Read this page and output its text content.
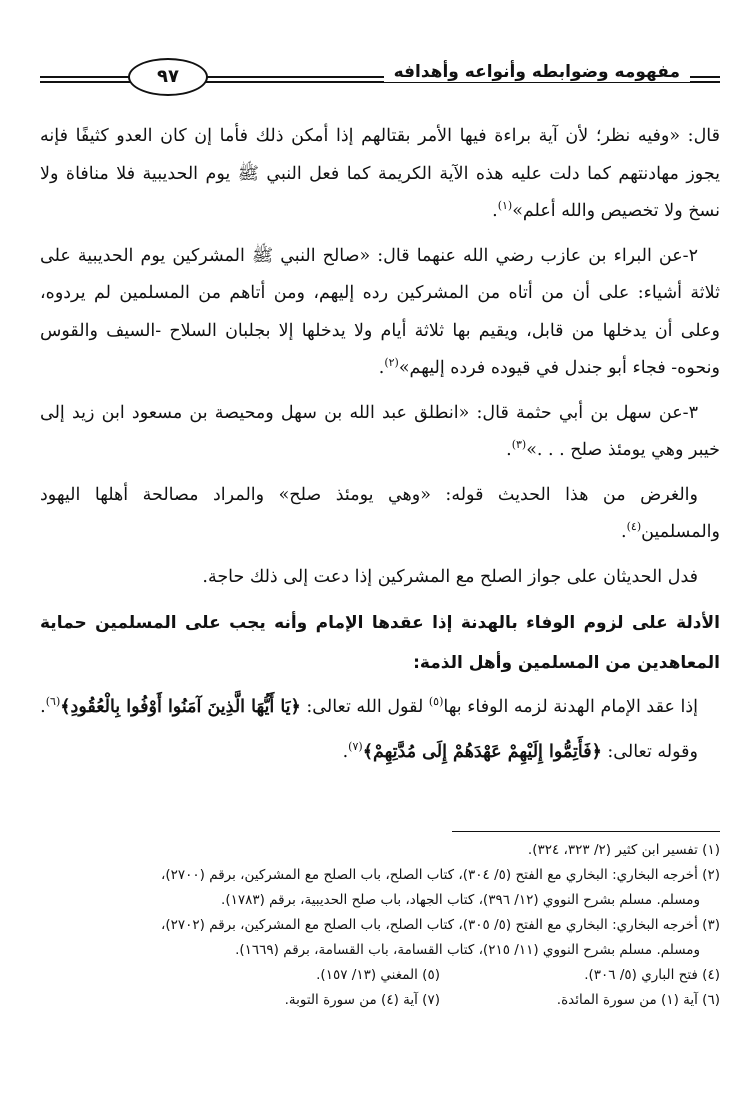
مفهومه وضوابطه وأنواعه وأهدافه
٩٧

قال: «وفيه نظر؛ لأن آية براءة فيها الأمر بقتالهم إذا أمكن ذلك فأما إن كان العدو كثيفًا فإنه يجوز مهادنتهم كما دلت عليه هذه الآية الكريمة كما فعل النبي ﷺ يوم الحديبية فلا منافاة ولا نسخ ولا تخصيص والله أعلم»$^{(١)}$.

٢-عن البراء بن عازب رضي الله عنهما قال: «صالح النبي ﷺ المشركين يوم الحديبية على ثلاثة أشياء: على أن من أتاه من المشركين رده إليهم، ومن أتاهم من المسلمين لم يردوه، وعلى أن يدخلها من قابل، ويقيم بها ثلاثة أيام ولا يدخلها إلا بجلبان السلاح -السيف والقوس ونحوه- فجاء أبو جندل في قيوده فرده إليهم»$^{(٢)}$.

٣-عن سهل بن أبي حثمة قال: «انطلق عبد الله بن سهل ومحيصة بن مسعود ابن زيد إلى خيبر وهي يومئذ صلح . . .»$^{(٣)}$.

والغرض من هذا الحديث قوله: «وهي يومئذ صلح» والمراد مصالحة أهلها اليهود والمسلمين$^{(٤)}$.

فدل الحديثان على جواز الصلح مع المشركين إذا دعت إلى ذلك حاجة.

الأدلة على لزوم الوفاء بالهدنة إذا عقدها الإمام وأنه يجب على المسلمين حماية المعاهدين من المسلمين وأهل الذمة:

إذا عقد الإمام الهدنة لزمه الوفاء بها$^{(٥)}$ لقول الله تعالى: ﴿يَا أَيُّهَا الَّذِينَ آمَنُوا أَوْفُوا بِالْعُقُودِ﴾$^{(٦)}$.

وقوله تعالى: ﴿فَأَتِمُّوا إِلَيْهِمْ عَهْدَهُمْ إِلَى مُدَّتِهِمْ﴾$^{(٧)}$.

(١) تفسير ابن كثير (٢/ ٣٢٣، ٣٢٤).

(٢) أخرجه البخاري: البخاري مع الفتح (٥/ ٣٠٤)، كتاب الصلح، باب الصلح مع المشركين، برقم (٢٧٠٠)،

ومسلم. مسلم بشرح النووي (١٢/ ٣٩٦)، كتاب الجهاد، باب صلح الحديبية، برقم (١٧٨٣).

(٣) أخرجه البخاري: البخاري مع الفتح (٥/ ٣٠٥)، كتاب الصلح، باب الصلح مع المشركين، برقم (٢٧٠٢)،

ومسلم. مسلم بشرح النووي (١١/ ٢١٥)، كتاب القسامة، باب القسامة، برقم (١٦٦٩).

(٤) فتح الباري (٥/ ٣٠٦).

(٥) المغني (١٣/ ١٥٧).

(٦) آية (١) من سورة المائدة.

(٧) آية (٤) من سورة التوبة.
